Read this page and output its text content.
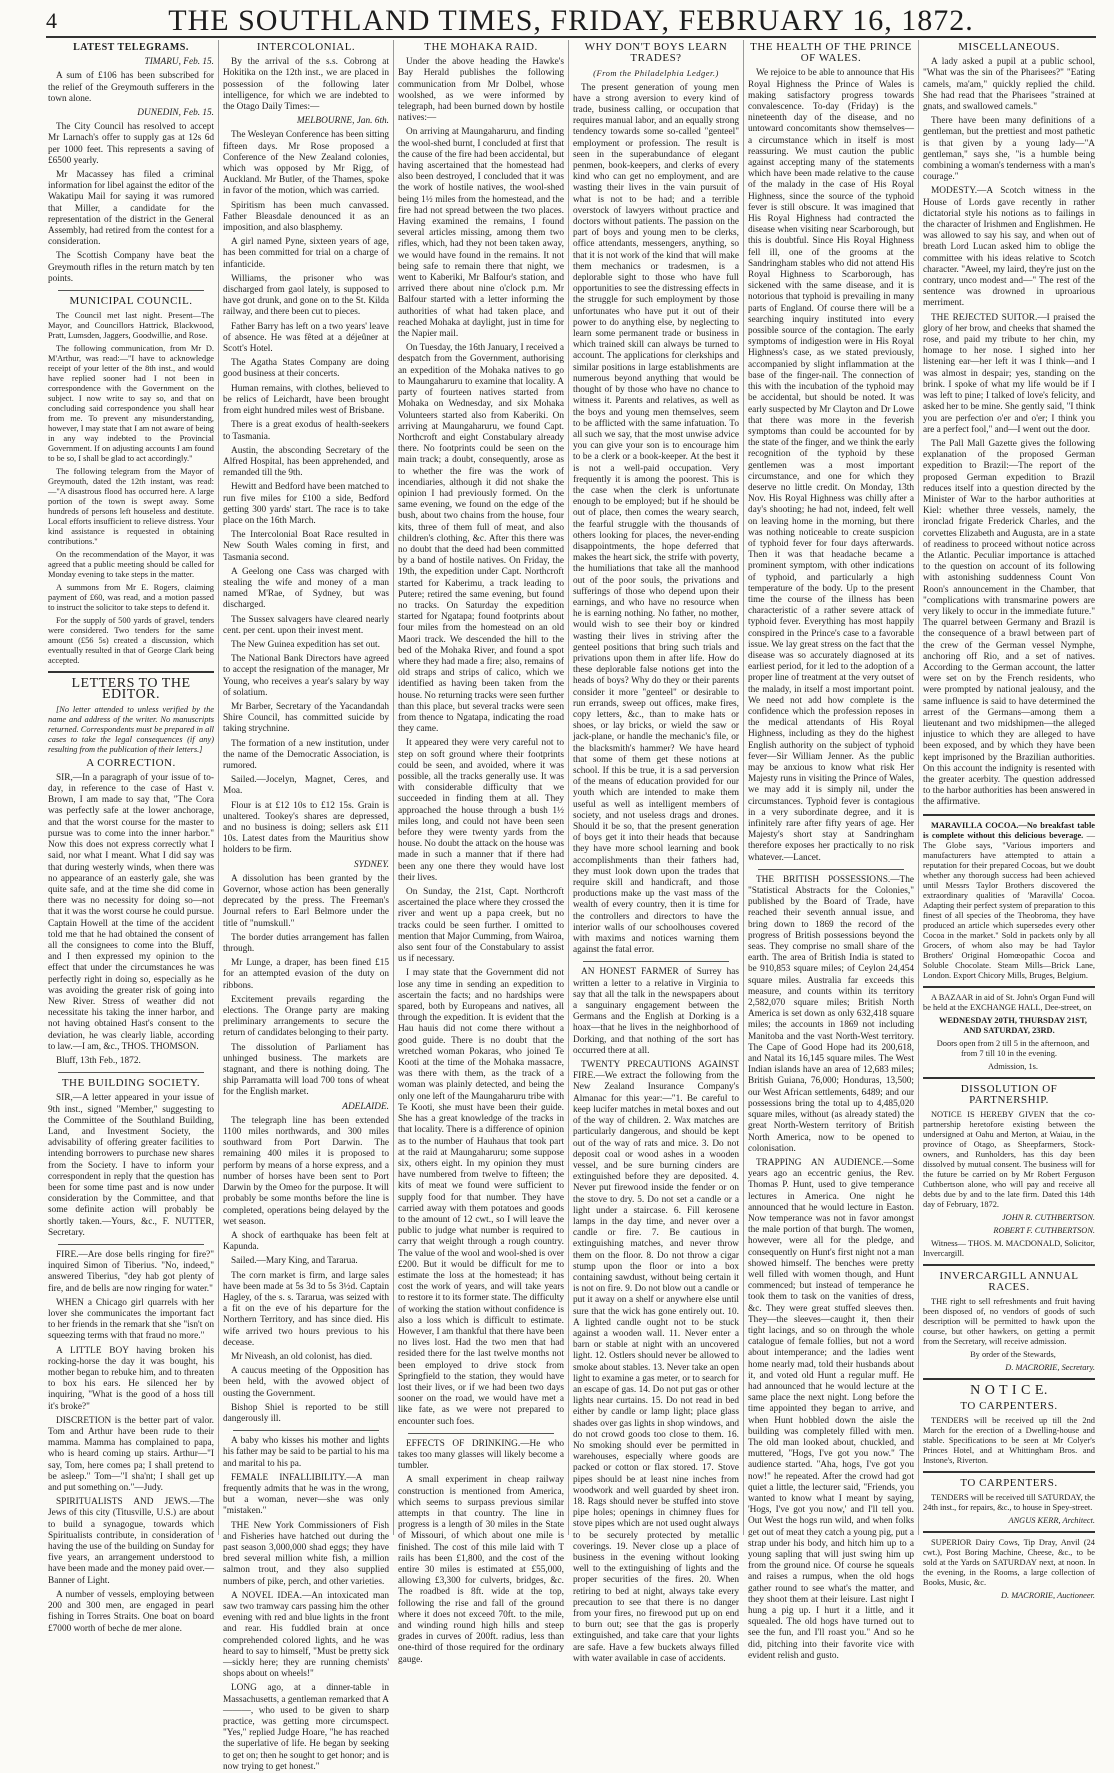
4	THE SOUTHLAND TIMES, FRIDAY, FEBRUARY 16, 1872.
LATEST TELEGRAMS.

TIMARU, Feb. 15.

A sum of £106 has been subscribed for the relief of the Greymouth sufferers in the town alone.

DUNEDIN, Feb. 15.

The City Council has resolved to accept Mr Larnach's offer to supply gas at 12s 6d per 1000 feet. This represents a saving of £6500 yearly.

Mr Macassey has filed a criminal information for libel against the editor of the Wakatipu Mail for saying it was rumored that Miller, a candidate for the representation of the district in the General Assembly, had retired from the contest for a consideration.

The Scottish Company have beat the Greymouth rifles in the return match by ten points.

MUNICIPAL COUNCIL.

The Council met last night. Present—The Mayor, and Councillors Hattrick, Blackwood, Pratt, Lumsden, Jaggers, Goodwillie, and Rose.

The following communication, from Mr D. M'Arthur, was read:—"I have to acknowledge receipt of your letter of the 8th inst., and would have replied sooner had I not been in correspondence with the Government on the subject. I now write to say so, and that on concluding said correspondence you shall hear from me. To prevent any misunderstanding, however, I may state that I am not aware of being in any way indebted to the Provincial Government. If on adjusting accounts I am found to be so, I shall be glad to act accordingly."

The following telegram from the Mayor of Greymouth, dated the 12th instant, was read:—"A disastrous flood has occurred here. A large portion of the town is swept away. Some hundreds of persons left houseless and destitute. Local efforts insufficient to relieve distress. Your kind assistance is requested in obtaining contributions."

On the recommendation of the Mayor, it was agreed that a public meeting should be called for Monday evening to take steps in the matter.

A summons from Mr E. Rogers, claiming payment of £60, was read, and a motion passed to instruct the solicitor to take steps to defend it.

For the supply of 500 yards of gravel, tenders were considered. Two tenders for the same amount (£56 5s) created a discussion, which eventually resulted in that of George Clark being accepted.

LETTERS TO THE EDITOR.

[No letter attended to unless verified by the name and address of the writer. No manuscripts returned. Correspondents must be prepared in all cases to take the legal consequences (if any) resulting from the publication of their letters.]

A CORRECTION.

SIR,—In a paragraph of your issue of to-day, in reference to the case of Hast v. Brown, I am made to say that, "The Cora was perfectly safe at the lower anchorage, and that the worst course for the master to pursue was to come into the inner harbor." Now this does not express correctly what I said, nor what I meant. What I did say was that during westerly winds, when there was no appearance of an easterly gale, she was quite safe, and at the time she did come in there was no necessity for doing so—not that it was the worst course he could pursue. Captain Howell at the time of the accident told me that he had obtained the consent of all the consignees to come into the Bluff, and I then expressed my opinion to the effect that under the circumstances he was perfectly right in doing so, especially as he was avoiding the greater risk of going into New River. Stress of weather did not necessitate his taking the inner harbor, and not having obtained Hast's consent to the deviation, he was clearly liable, according to law.—I am, &c., THOS. THOMSON.

Bluff, 13th Feb., 1872.

THE BUILDING SOCIETY.

SIR,—A letter appeared in your issue of 9th inst., signed "Member," suggesting to the Committee of the Southland Building, Land, and Investment Society, the advisability of offering greater facilities to intending borrowers to purchase new shares from the Society. I have to inform your correspondent in reply that the question has been for some time past and is now under consideration by the Committee, and that some definite action will probably be shortly taken.—Yours, &c., F. NUTTER, Secretary.

FIRE.—Are dose bells ringing for fire?" inquired Simon of Tiberius. "No, indeed," answered Tiberius, "dey hab got plenty of fire, and de bells are now ringing for water."

WHEN a Chicago girl quarrels with her lover she communicates the important fact to her friends in the remark that she "isn't on squeezing terms with that fraud no more."

A LITTLE BOY having broken his rocking-horse the day it was bought, his mother began to rebuke him, and to threaten to box his ears. He silenced her by inquiring, "What is the good of a hoss till it's broke?"

DISCRETION is the better part of valor. Tom and Arthur have been rude to their mamma. Mamma has complained to papa, who is heard coming up stairs. Arthur—"I say, Tom, here comes pa; I shall pretend to be asleep." Tom—"I sha'nt; I shall get up and put something on."—Judy.

SPIRITUALISTS AND JEWS.—The Jews of this city (Titusville, U.S.) are about to build a synagogue, towards which Spiritualists contribute, in consideration of having the use of the building on Sunday for five years, an arrangement understood to have been made and the money paid over.—Banner of Light.

A number of vessels, employing between 200 and 300 men, are engaged in pearl fishing in Torres Straits. One boat on board £7000 worth of beche de mer alone.

INTERCOLONIAL.

By the arrival of the s.s. Cobrong at Hokitika on the 12th inst., we are placed in possession of the following later intelligence, for which we are indebted to the Otago Daily Times:—

MELBOURNE, Jan. 6th.

The Wesleyan Conference has been sitting fifteen days. Mr Rose proposed a Conference of the New Zealand colonies, which was opposed by Mr Rigg, of Auckland. Mr Butler, of the Thames, spoke in favor of the motion, which was carried.

Spiritism has been much canvassed. Father Bleasdale denounced it as an imposition, and also blasphemy.

A girl named Pyne, sixteen years of age, has been committed for trial on a charge of infanticide.

Williams, the prisoner who was discharged from gaol lately, is supposed to have got drunk, and gone on to the St. Kilda railway, and there been cut to pieces.

Father Barry has left on a two years' leave of absence. He was fêted at a déjeûner at Scott's Hotel.

The Agatha States Company are doing good business at their concerts.

Human remains, with clothes, believed to be relics of Leichardt, have been brought from eight hundred miles west of Brisbane.

There is a great exodus of health-seekers to Tasmania.

Austin, the absconding Secretary of the Alfred Hospital, has been apprehended, and remanded till the 9th.

Hewitt and Bedford have been matched to run five miles for £100 a side, Bedford getting 300 yards' start. The race is to take place on the 16th March.

The Intercolonial Boat Race resulted in New South Wales coming in first, and Tasmania second.

A Geelong one Cass was charged with stealing the wife and money of a man named M'Rae, of Sydney, but was discharged.

The Sussex salvagers have cleared nearly cent. per cent. upon their invest ment.

The New Guinea expedition has set out.

The National Bank Directors have agreed to accept the resignation of the manager, Mr Young, who receives a year's salary by way of solatium.

Mr Barber, Secretary of the Yacandandah Shire Council, has committed suicide by taking strychnine.

The formation of a new institution, under the name of the Democratic Association, is rumored.

Sailed.—Jocelyn, Magnet, Ceres, and Moa.

Flour is at £12 10s to £12 15s. Grain is unaltered. Tookey's shares are depressed, and no business is doing; sellers ask £11 10s. Latest dates from the Mauritius show holders to be firm.

SYDNEY.

A dissolution has been granted by the Governor, whose action has been generally deprecated by the press. The Freeman's Journal refers to Earl Belmore under the title of "numskull."

The border duties arrangement has fallen through.

Mr Lunge, a draper, has been fined £15 for an attempted evasion of the duty on ribbons.

Excitement prevails regarding the elections. The Orange party are making preliminary arrangements to secure the return of candidates belonging to their party.

The dissolution of Parliament has unhinged business. The markets are stagnant, and there is nothing doing. The ship Parramatta will load 700 tons of wheat for the English market.

ADELAIDE.

The telegraph line has been extended 1100 miles northwards, and 300 miles southward from Port Darwin. The remaining 400 miles it is proposed to perform by means of a horse express, and a number of horses have been sent to Port Darwin by the Omeo for the purpose. It will probably be some months before the line is completed, operations being delayed by the wet season.

A shock of earthquake has been felt at Kapunda.

Sailed.—Mary King, and Tararua.

The corn market is firm, and large sales have been made at 5s 3d to 5s 3½d. Captain Hagley, of the s. s. Tararua, was seized with a fit on the eve of his departure for the Northern Territory, and has since died. His wife arrived two hours previous to his decease.

Mr Niveash, an old colonist, has died.

A caucus meeting of the Opposition has been held, with the avowed object of ousting the Government.

Bishop Shiel is reported to be still dangerously ill.

A baby who kisses his mother and lights his father may be said to be partial to his ma and marital to his pa.

FEMALE INFALLIBILITY.—A man frequently admits that he was in the wrong, but a woman, never—she was only "mistaken."

THE New York Commissioners of Fish and Fisheries have hatched out during the past season 3,000,000 shad eggs; they have bred several million white fish, a million salmon trout, and they also supplied numbers of pike, perch, and other varieties.

A NOVEL IDEA.—An intoxicated man saw two tramway cars passing him the other evening with red and blue lights in the front and rear. His fuddled brain at once comprehended colored lights, and he was heard to say to himself, "Must be pretty sick—sickly here; they are running chemists' shops about on wheels!"

LONG ago, at a dinner-table in Massachusetts, a gentleman remarked that A———, who used to be given to sharp practice, was getting more circumspect. "Yes," replied Judge Hoare, "he has reached the superlative of life. He began by seeking to get on; then he sought to get honor; and is now trying to get honest."

THE MOHAKA RAID.

Under the above heading the Hawke's Bay Herald publishes the following communication from Mr Dolbel, whose woolshed, as we were informed by telegraph, had been burned down by hostile natives:—

On arriving at Maungaharuru, and finding the wool-shed burnt, I concluded at first that the cause of the fire had been accidental, but having ascertained that the homestead had also been destroyed, I concluded that it was the work of hostile natives, the wool-shed being 1½ miles from the homestead, and the fire had not spread between the two places. Having examined the remains, I found several articles missing, among them two rifles, which, had they not been taken away, we would have found in the remains. It not being safe to remain there that night, we went to Kaberiki, Mr Balfour's station, and arrived there about nine o'clock p.m. Mr Balfour started with a letter informing the authorities of what had taken place, and reached Mohaka at daylight, just in time for the Napier mail.

On Tuesday, the 16th January, I received a despatch from the Government, authorising an expedition of the Mohaka natives to go to Maungaharuru to examine that locality. A party of fourteen natives started from Mohaka on Wednesday, and six Mohaka Volunteers started also from Kaberiki. On arriving at Maungaharuru, we found Capt. Northcroft and eight Constabulary already there. No footprints could be seen on the main track; a doubt, consequently, arose as to whether the fire was the work of incendiaries, although it did not shake the opinion I had previously formed. On the same evening, we found on the edge of the bush, about two chains from the house, four kits, three of them full of meat, and also children's clothing, &c. After this there was no doubt that the deed had been committed by a band of hostile natives. On Friday, the 19th, the expedition under Capt. Northcroft started for Kaberimu, a track leading to Putere; retired the same evening, but found no tracks. On Saturday the expedition started for Ngatapa; found footprints about four miles from the homestead on an old Maori track. We descended the hill to the bed of the Mohaka River, and found a spot where they had made a fire; also, remains of old straps and strips of calico, which we identified as having been taken from the house. No returning tracks were seen further than this place, but several tracks were seen from thence to Ngatapa, indicating the road they came.

It appeared they were very careful not to step on soft ground where their footprints could be seen, and avoided, where it was possible, all the tracks generally use. It was with considerable difficulty that we succeeded in finding them at all. They approached the house through a bush 1½ miles long, and could not have been seen before they were twenty yards from the house. No doubt the attack on the house was made in such a manner that if there had been any one there they would have lost their lives.

On Sunday, the 21st, Capt. Northcroft ascertained the place where they crossed the river and went up a papa creek, but no tracks could be seen further. I omitted to mention that Major Cumming, from Wairoa, also sent four of the Constabulary to assist us if necessary.

I may state that the Government did not lose any time in sending an expedition to ascertain the facts; and no hardships were spared, both by Europeans and natives, all through the expedition. It is evident that the Hau hauis did not come there without a good guide. There is no doubt that the wretched woman Pokaras, who joined Te Kooti at the time of the Mohaka massacre, was there with them, as the track of a woman was plainly detected, and being the only one left of the Maungaharuru tribe with Te Kooti, she must have been their guide. She has a great knowledge of the tracks in that locality. There is a difference of opinion as to the number of Hauhaus that took part at the raid at Maungaharuru; some suppose six, others eight. In my opinion they must have numbered from twelve to fifteen; the kits of meat we found were sufficient to supply food for that number. They have carried away with them potatoes and goods to the amount of 12 cwt., so I will leave the public to judge what number is required to carry that weight through a rough country. The value of the wool and wool-shed is over £200. But it would be difficult for me to estimate the loss at the homestead; it has cost the work of years, and will take years to restore it to its former state. The difficulty of working the station without confidence is also a loss which is difficult to estimate. However, I am thankful that there have been no lives lost. Had the two men that had resided there for the last twelve months not been employed to drive stock from Springfield to the station, they would have lost their lives, or if we had been two days sooner on the road, we would have met a like fate, as we were not prepared to encounter such foes.

EFFECTS OF DRINKING.—He who takes too many glasses will likely become a tumbler.

A small experiment in cheap railway construction is mentioned from America, which seems to surpass previous similar attempts in that country. The line in progress is a length of 30 miles in the State of Missouri, of which about one mile is finished. The cost of this mile laid with T rails has been £1,800, and the cost of the entire 30 miles is estimated at £55,000, allowing £3,300 for culverts, bridges, &c. The roadbed is 8ft. wide at the top, following the rise and fall of the ground where it does not exceed 70ft. to the mile, and winding round high hills and steep grades in curves of 200ft. radius, less than one-third of those required for the ordinary gauge.

WHY DON'T BOYS LEARN TRADES?
(From the Philadelphia Ledger.)

The present generation of young men have a strong aversion to every kind of trade, business calling, or occupation that requires manual labor, and an equally strong tendency towards some so-called "genteel" employment or profession. The result is seen in the superabundance of elegant penmen, book-keepers, and clerks of every kind who can get no employment, and are wasting their lives in the vain pursuit of what is not to be had; and a terrible overstock of lawyers without practice and doctors without patients. The passion on the part of boys and young men to be clerks, office attendants, messengers, anything, so that it is not work of the kind that will make them mechanics or tradesmen, is a deplorable sight to those who have full opportunities to see the distressing effects in the struggle for such employment by those unfortunates who have put it out of their power to do anything else, by neglecting to learn some permanent trade or business in which trained skill can always be turned to account. The applications for clerkships and similar positions in large establishments are numerous beyond anything that would be thought of by those who have no chance to witness it. Parents and relatives, as well as the boys and young men themselves, seem to be afflicted with the same infatuation. To all such we say, that the most unwise advice you can give your son is to encourage him to be a clerk or a book-keeper. At the best it is not a well-paid occupation. Very frequently it is among the poorest. This is the case when the clerk is unfortunate enough to be employed; but if he should be out of place, then comes the weary search, the fearful struggle with the thousands of others looking for places, the never-ending disappointments, the hope deferred that makes the heart sick, the strife with poverty, the humiliations that take all the manhood out of the poor souls, the privations and sufferings of those who depend upon their earnings, and who have no resource when he is earning nothing. No father, no mother, would wish to see their boy or kindred wasting their lives in striving after the genteel positions that bring such trials and privations upon them in after life. How do these deplorable false notions get into the heads of boys? Why do they or their parents consider it more "genteel" or desirable to run errands, sweep out offices, make fires, copy letters, &c., than to make hats or shoes, or lay bricks, or wield the saw or jack-plane, or handle the mechanic's file, or the blacksmith's hammer? We have heard that some of them get these notions at school. If this be true, it is a sad perversion of the means of education provided for our youth which are intended to make them useful as well as intelligent members of society, and not useless drags and drones. Should it be so, that the present generation of boys get it into their heads that because they have more school learning and book accomplishments than their fathers had, they must look down upon the trades that require skill and handicraft, and those productions make up the vast mass of the wealth of every country, then it is time for the controllers and directors to have the interior walls of our schoolhouses covered with maxims and notices warning them against the fatal error.

AN HONEST FARMER of Surrey has written a letter to a relative in Virginia to say that all the talk in the newspapers about a sanguinary engagement between the Germans and the English at Dorking is a hoax—that he lives in the neighborhood of Dorking, and that nothing of the sort has occurred there at all.

TWENTY PRECAUTIONS AGAINST FIRE.—We extract the following from the New Zealand Insurance Company's Almanac for this year:—"1. Be careful to keep lucifer matches in metal boxes and out of the way of children. 2. Wax matches are particularly dangerous, and should be kept out of the way of rats and mice. 3. Do not deposit coal or wood ashes in a wooden vessel, and be sure burning cinders are extinguished before they are deposited. 4. Never put firewood inside the fender or on the stove to dry. 5. Do not set a candle or a light under a staircase. 6. Fill kerosene lamps in the day time, and never over a candle or fire. 7. Be cautious in extinguishing matches, and never throw them on the floor. 8. Do not throw a cigar stump upon the floor or into a box containing sawdust, without being certain it is not on fire. 9. Do not blow out a candle or put it away on a shelf or anywhere else until sure that the wick has gone entirely out. 10. A lighted candle ought not to be stuck against a wooden wall. 11. Never enter a barn or stable at night with an uncovered light. 12. Ostlers should never be allowed to smoke about stables. 13. Never take an open light to examine a gas meter, or to search for an escape of gas. 14. Do not put gas or other lights near curtains. 15. Do not read in bed either by candle or lamp light; place glass shades over gas lights in shop windows, and do not crowd goods too close to them. 16. No smoking should ever be permitted in warehouses, especially where goods are packed or cotton or flax stored. 17. Stove pipes should be at least nine inches from woodwork and well guarded by sheet iron. 18. Rags should never be stuffed into stove pipe holes; openings in chimney flues for stove pipes which are not used ought always to be securely protected by metallic coverings. 19. Never close up a place of business in the evening without looking well to the extinguishing of lights and the proper securities of the fires. 20. When retiring to bed at night, always take every precaution to see that there is no danger from your fires, no firewood put up on end to burn out; see that the gas is properly extinguished, and take care that your lights are safe. Have a few buckets always filled with water available in case of accidents.

THE HEALTH OF THE PRINCE OF WALES.

We rejoice to be able to announce that His Royal Highness the Prince of Wales is making satisfactory progress towards convalescence. To-day (Friday) is the nineteenth day of the disease, and no untoward concomitants show themselves—a circumstance which in itself is most reassuring. We must caution the public against accepting many of the statements which have been made relative to the cause of the malady in the case of His Royal Highness, since the source of the typhoid fever is still obscure. It was imagined that His Royal Highness had contracted the disease when visiting near Scarborough, but this is doubtful. Since His Royal Highness fell ill, one of the grooms at the Sandringham stables who did not attend His Royal Highness to Scarborough, has sickened with the same disease, and it is notorious that typhoid is prevailing in many parts of England. Of course there will be a searching inquiry instituted into every possible source of the contagion. The early symptoms of indigestion were in His Royal Highness's case, as we stated previously, accompanied by slight inflammation at the base of the finger-nail. The connection of this with the incubation of the typhoid may be accidental, but should be noted. It was early suspected by Mr Clayton and Dr Lowe that there was more in the feverish symptoms than could be accounted for by the state of the finger, and we think the early recognition of the typhoid by these gentlemen was a most important circumstance, and one for which they deserve no little credit. On Monday, 13th Nov. His Royal Highness was chilly after a day's shooting; he had not, indeed, felt well on leaving home in the morning, but there was nothing noticeable to create suspicion of typhoid fever for four days afterwards. Then it was that headache became a prominent symptom, with other indications of typhoid, and particularly a high temperature of the body. Up to the present time the course of the illness has been characteristic of a rather severe attack of typhoid fever. Everything has most happily conspired in the Prince's case to a favorable issue. We lay great stress on the fact that the disease was so accurately diagnosed at its earliest period, for it led to the adoption of a proper line of treatment at the very outset of the malady, in itself a most important point. We need not add how complete is the confidence which the profession reposes in the medical attendants of His Royal Highness, including as they do the highest English authority on the subject of typhoid fever—Sir William Jenner. As the public may be anxious to know what risk Her Majesty runs in visiting the Prince of Wales, we may add it is simply nil, under the circumstances. Typhoid fever is contagious in a very subordinate degree, and it is infinitely rare after fifty years of age. Her Majesty's short stay at Sandringham therefore exposes her practically to no risk whatever.—Lancet.

THE BRITISH POSSESSIONS.—The "Statistical Abstracts for the Colonies," published by the Board of Trade, have reached their seventh annual issue, and bring down to 1869 the record of the progress of British possessions beyond the seas. They comprise no small share of the earth. The area of British India is stated to be 910,853 square miles; of Ceylon 24,454 square miles. Australia far exceeds this measure, and counts within its territory 2,582,070 square miles; British North America is set down as only 632,418 square miles; the accounts in 1869 not including Manitoba and the vast North-West territory. The Cape of Good Hope had its 200,618, and Natal its 16,145 square miles. The West Indian islands have an area of 12,683 miles; British Guiana, 76,000; Honduras, 13,500; our West African settlements, 6489; and our possessions bring the total up to 4,485,020 square miles, without (as already stated) the great North-Western territory of British North America, now to be opened to colonisation.

TRAPPING AN AUDIENCE.—Some years ago an eccentric genius, the Rev. Thomas P. Hunt, used to give temperance lectures in America. One night he announced that he would lecture in Easton. Now temperance was not in favor amongst the male portion of that burgh. The women, however, were all for the pledge, and consequently on Hunt's first night not a man showed himself. The benches were pretty well filled with women though, and Hunt commenced; but instead of temperance he took them to task on the vanities of dress, &c. They were great stuffed sleeves then. They—the sleeves—caught it, then their tight lacings, and so on through the whole catalogue of female follies, but not a word about intemperance; and the ladies went home nearly mad, told their husbands about it, and voted old Hunt a regular muff. He had announced that he would lecture at the same place the next night. Long before the time appointed they began to arrive, and when Hunt hobbled down the aisle the building was completely filled with men. The old man looked about, chuckled, and muttered, "Hogs, I've got you now." The audience started. "Aha, hogs, I've got you now!" he repeated. After the crowd had got quiet a little, the lecturer said, "Friends, you wanted to know what I meant by saying, 'Hogs, I've got you now,' and I'll tell you. Out West the hogs run wild, and when folks get out of meat they catch a young pig, put a strap under his body, and hitch him up to a young sapling that will just swing him up from the ground nice. Of course he squeals and raises a rumpus, when the old hogs gather round to see what's the matter, and they shoot them at their leisure. Last night I hung a pig up. I hurt it a little, and it squealed. The old hogs have turned out to see the fun, and I'll roast you." And so he did, pitching into their favorite vice with evident relish and gusto.

MISCELLANEOUS.

A lady asked a pupil at a public school, "What was the sin of the Pharisees?" "Eating camels, ma'am," quickly replied the child. She had read that the Pharisees "strained at gnats, and swallowed camels."

There have been many definitions of a gentleman, but the prettiest and most pathetic is that given by a young lady—"A gentleman," says she, "is a humble being combining a woman's tenderness with a man's courage."

MODESTY.—A Scotch witness in the House of Lords gave recently in rather dictatorial style his notions as to failings in the character of Irishmen and Englishmen. He was allowed to say his say, and when out of breath Lord Lucan asked him to oblige the committee with his ideas relative to Scotch character. "Aweel, my laird, they're just on the contrary, unco modest and—" The rest of the sentence was drowned in uproarious merriment.

THE REJECTED SUITOR.—I praised the glory of her brow, and cheeks that shamed the rose, and paid my tribute to her chin, my homage to her nose. I sighed into her listening ear—her left it was I think—and I was almost in despair; yes, standing on the brink. I spoke of what my life would be if I was left to pine; I talked of love's felicity, and asked her to be mine. She gently said, "I think you are perfection o'er and o'er; I think you are a perfect fool," and—I went out the door.

The Pall Mall Gazette gives the following explanation of the proposed German expedition to Brazil:—The report of the proposed German expedition to Brazil reduces itself into a question directed by the Minister of War to the harbor authorities at Kiel: whether three vessels, namely, the ironclad frigate Frederick Charles, and the corvettes Elizabeth and Augusta, are in a state of readiness to proceed without notice across the Atlantic. Peculiar importance is attached to the question on account of its following with astonishing suddenness Count Von Roon's announcement in the Chamber, that "complications with transmarine powers are very likely to occur in the immediate future." The quarrel between Germany and Brazil is the consequence of a brawl between part of the crew of the German vessel Nymphe, anchoring off Rio, and a set of natives. According to the German account, the latter were set on by the French residents, who were prompted by national jealousy, and the same influence is said to have determined the arrest of the Germans—among them a lieutenant and two midshipmen—the alleged injustice to which they are alleged to have been exposed, and by which they have been kept imprisoned by the Brazilian authorities. On this account the indignity is resented with the greater acerbity. The question addressed to the harbor authorities has been answered in the affirmative.

MARAVILLA COCOA.—No breakfast table is complete without this delicious beverage. —The Globe says, "Various importers and manufacturers have attempted to attain a reputation for their prepared Cocoas, but we doubt whether any thorough success had been achieved until Messrs Taylor Brothers discovered the extraordinary qualities of 'Maravilla' Cocoa. Adapting their perfect system of preparation to this finest of all species of the Theobroma, they have produced an article which supersedes every other Cocoa in the market." Sold in packets only by all Grocers, of whom also may be had Taylor Brothers' Original Homœopathic Cocoa and Soluble Chocolate. Steam Mills—Brick Lane, London. Export Chicory Mills, Bruges, Belgium.

A BAZAAR in aid of St. John's Organ Fund will be held at the EXCHANGE HALL, Dee-street, on

WEDNESDAY 20TH, THURSDAY 21ST, AND SATURDAY, 23RD.

Doors open from 2 till 5 in the afternoon, and from 7 till 10 in the evening.

Admission, 1s.

DISSOLUTION OF PARTNERSHIP.

NOTICE IS HEREBY GIVEN that the co-partnership heretofore existing between the undersigned at Oahu and Merton, at Waiau, in the province of Otago, as Sheepfarmers, Stock-owners, and Runholders, has this day been dissolved by mutual consent. The business will for the future be carried on by Mr Robert Ferguson Cuthbertson alone, who will pay and receive all debts due by and to the late firm. Dated this 14th day of February, 1872.

JOHN R. CUTHBERTSON.

ROBERT F. CUTHBERTSON.

Witness— THOS. M. MACDONALD, Solicitor, Invercargill.

INVERCARGILL ANNUAL RACES.

THE right to sell refreshments and fruit having been disposed of, no vendors of goods of such description will be permitted to hawk upon the course, but other hawkers, on getting a permit from the Secretary, will receive admission.

By order of the Stewards,

D. MACRORIE, Secretary.

N O T I C E.
TO CARPENTERS.

TENDERS will be received up till the 2nd March for the erection of a Dwelling-house and stable. Specifications to be seen at Mr Colyer's Princes Hotel, and at Whittingham Bros. and Instone's, Riverton.

TO CARPENTERS.

TENDERS will be received till SATURDAY, the 24th inst., for repairs, &c., to house in Spey-street.

ANGUS KERR, Architect.

SUPERIOR Dairy Cows, Tip Dray, Anvil (24 cwt.), Post Boring Machine, Cheese, &c., to be sold at the Yards on SATURDAY next, at noon. In the evening, in the Rooms, a large collection of Books, Music, &c.

D. MACRORIE, Auctioneer.
